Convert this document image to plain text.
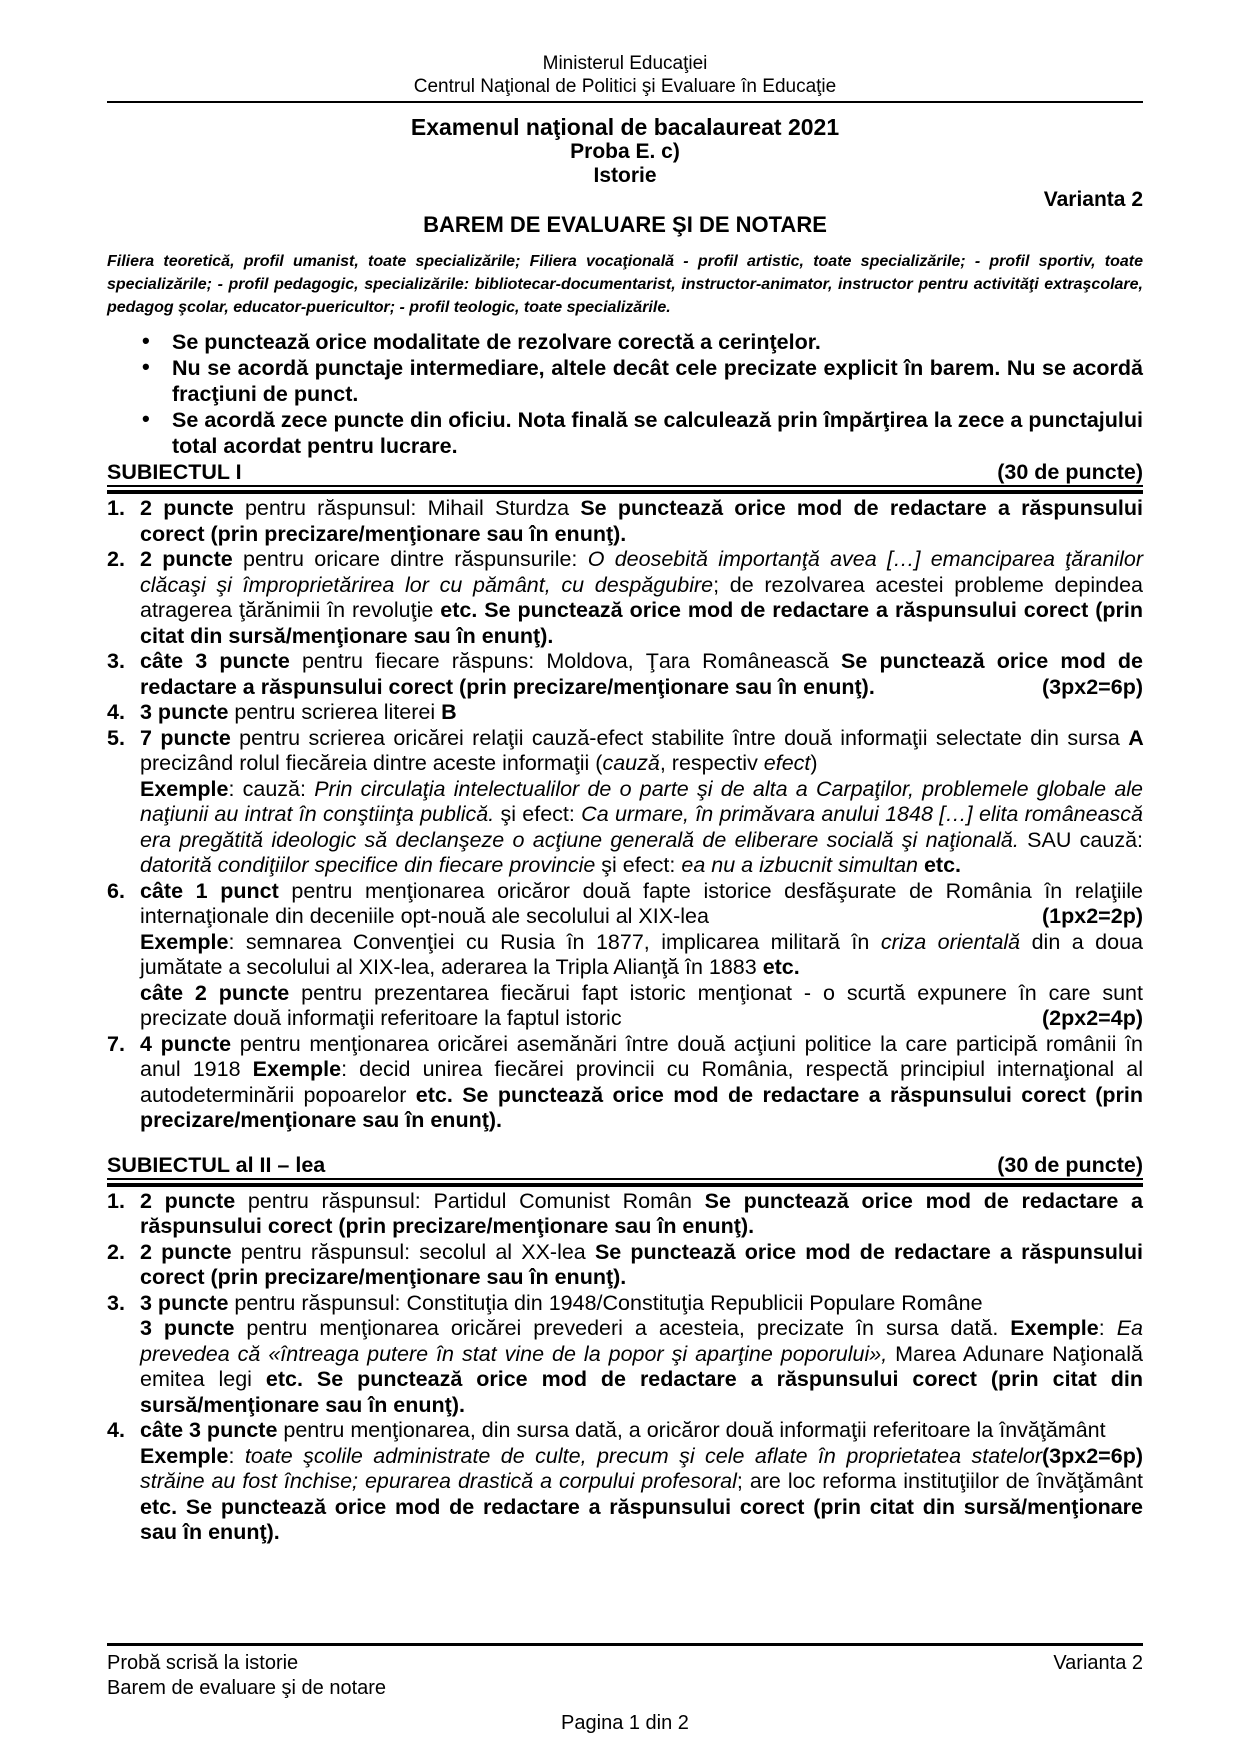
Ministerul Educaţiei
Centrul Naţional de Politici şi Evaluare în Educaţie
Examenul naţional de bacalaureat 2021
Proba E. c)
Istorie
Varianta 2
BAREM DE EVALUARE ŞI DE NOTARE
Filiera teoretică, profil umanist, toate specializările; Filiera vocaţională - profil artistic, toate specializările; - profil sportiv, toate specializările; - profil pedagogic, specializările: bibliotecar-documentarist, instructor-animator, instructor pentru activităţi extraşcolare, pedagog şcolar, educator-puericultor; - profil teologic, toate specializările.
• Se punctează orice modalitate de rezolvare corectă a cerinţelor.
• Nu se acordă punctaje intermediare, altele decât cele precizate explicit în barem. Nu se acordă fracţiuni de punct.
• Se acordă zece puncte din oficiu. Nota finală se calculează prin împărţirea la zece a punctajului total acordat pentru lucrare.
SUBIECTUL I	(30 de puncte)
1. 2 puncte pentru răspunsul: Mihail Sturdza Se punctează orice mod de redactare a răspunsului corect (prin precizare/menţionare sau în enunţ).
2. 2 puncte pentru oricare dintre răspunsurile: O deosebită importanţă avea […] emanciparea ţăranilor clăcaşi şi împroprietărirea lor cu pământ, cu despăgubire; de rezolvarea acestei probleme depindea atragerea ţărănimii în revoluţie etc. Se punctează orice mod de redactare a răspunsului corect (prin citat din sursă/menţionare sau în enunţ).
3. câte 3 puncte pentru fiecare răspuns: Moldova, Ţara Românească Se punctează orice mod de redactare a răspunsului corect (prin precizare/menţionare sau în enunţ).	(3px2=6p)
4. 3 puncte pentru scrierea literei B
5. 7 puncte pentru scrierea oricărei relaţii cauză-efect stabilite între două informaţii selectate din sursa A precizând rolul fiecăreia dintre aceste informaţii (cauză, respectiv efect)
Exemple: cauză: Prin circulaţia intelectualilor de o parte şi de alta a Carpaţilor, problemele globale ale naţiunii au intrat în conştiinţa publică. şi efect: Ca urmare, în primăvara anului 1848 […] elita românească era pregătită ideologic să declanşeze o acţiune generală de eliberare socială şi naţională. SAU cauză: datorită condiţiilor specifice din fiecare provincie şi efect: ea nu a izbucnit simultan etc.
6. câte 1 punct pentru menţionarea oricăror două fapte istorice desfăşurate de România în relaţiile internaţionale din deceniile opt-nouă ale secolului al XIX-lea	(1px2=2p)
Exemple: semnarea Convenţiei cu Rusia în 1877, implicarea militară în criza orientală din a doua jumătate a secolului al XIX-lea, aderarea la Tripla Alianţă în 1883 etc.
câte 2 puncte pentru prezentarea fiecărui fapt istoric menţionat - o scurtă expunere în care sunt precizate două informaţii referitoare la faptul istoric	(2px2=4p)
7. 4 puncte pentru menţionarea oricărei asemănări între două acţiuni politice la care participă românii în anul 1918 Exemple: decid unirea fiecărei provincii cu România, respectă principiul internaţional al autodeterminării popoarelor etc. Se punctează orice mod de redactare a răspunsului corect (prin precizare/menţionare sau în enunţ).
SUBIECTUL al II – lea	(30 de puncte)
1. 2 puncte pentru răspunsul: Partidul Comunist Român Se punctează orice mod de redactare a răspunsului corect (prin precizare/menţionare sau în enunţ).
2. 2 puncte pentru răspunsul: secolul al XX-lea Se punctează orice mod de redactare a răspunsului corect (prin precizare/menţionare sau în enunţ).
3. 3 puncte pentru răspunsul: Constituţia din 1948/Constituţia Republicii Populare Române
3 puncte pentru menţionarea oricărei prevederi a acesteia, precizate în sursa dată. Exemple: Ea prevedea că «întreaga putere în stat vine de la popor şi aparţine poporului», Marea Adunare Naţională emitea legi etc. Se punctează orice mod de redactare a răspunsului corect (prin citat din sursă/menţionare sau în enunţ).
4. câte 3 puncte pentru menţionarea, din sursa dată, a oricăror două informaţii referitoare la învăţământ
(3px2=6p)
Exemple: toate şcolile administrate de culte, precum şi cele aflate în proprietatea statelor străine au fost închise; epurarea drastică a corpului profesoral; are loc reforma instituţiilor de învăţământ etc. Se punctează orice mod de redactare a răspunsului corect (prin citat din sursă/menţionare sau în enunţ).
Probă scrisă la istorie	Varianta 2
Barem de evaluare şi de notare
Pagina 1 din 2
